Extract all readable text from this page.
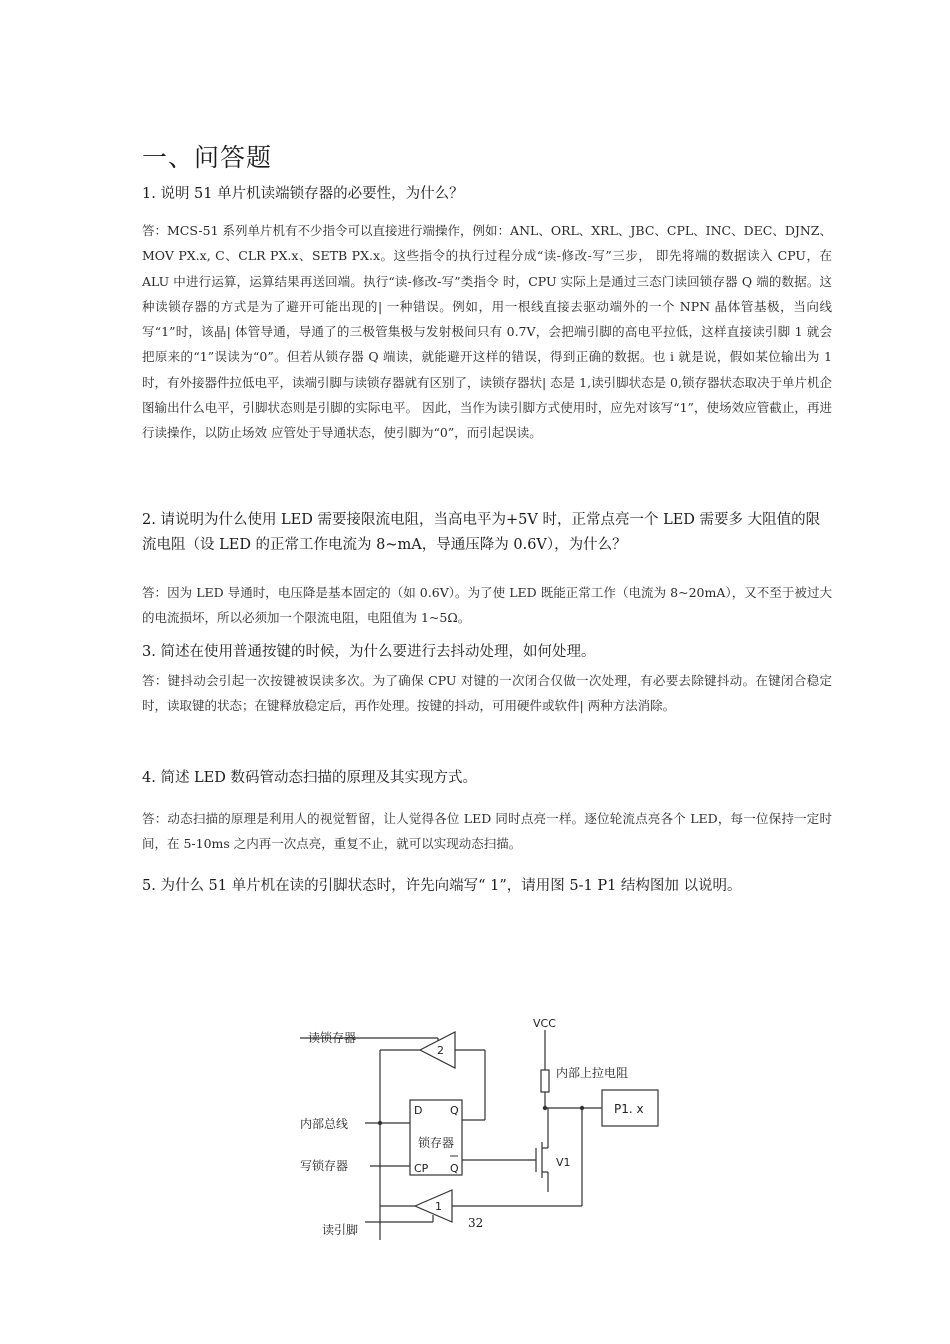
一、问答题

1. 说明 51 单片机读端锁存器的必要性，为什么？

答：MCS-51 系列单片机有不少指令可以直接进行端操作，例如：ANL、ORL、XRL、JBC、CPL、INC、DEC、DJNZ、MOV PX.x, C、CLR PX.x、SETB PX.x。这些指令的执行过程分成“读-修改-写”三步， 即先将端的数据读入 CPU，在 ALU 中进行运算，运算结果再送回端。执行“读-修改-写”类指令 时，CPU 实际上是通过三态门读回锁存器 Q 端的数据。这种读锁存器的方式是为了避开可能出现的| 一种错误。例如，用一根线直接去驱动端外的一个 NPN 晶体管基极，当向线写“1”时，该晶| 体管导通，导通了的三极管集极与发射极间只有 0.7V，会把端引脚的高电平拉低，这样直接读引脚 1 就会把原来的“1”误读为“0”。但若从锁存器 Q 端读，就能避开这样的错误，得到正确的数据。也 i 就是说，假如某位输出为 1 时，有外接器件拉低电平，读端引脚与读锁存器就有区别了，读锁存器状| 态是 1,读引脚状态是 0,锁存器状态取决于单片机企图输出什么电平，引脚状态则是引脚的实际电平。 因此，当作为读引脚方式使用时，应先对该写“1”，使场效应管截止，再进行读操作，以防止场效 应管处于导通状态，使引脚为“0”，而引起误读。

2. 请说明为什么使用 LED 需要接限流电阻，当高电平为+5V 时，正常点亮一个 LED 需要多 大阻值的限流电阻（设 LED 的正常工作电流为 8~mA，导通压降为 0.6V），为什么？

答：因为 LED 导通时，电压降是基本固定的（如 0.6V）。为了使 LED 既能正常工作（电流为 8~20mA），又不至于被过大的电流损坏，所以必须加一个限流电阻，电阻值为 1~5Ω。

3. 简述在使用普通按键的时候，为什么要进行去抖动处理，如何处理。

答：键抖动会引起一次按键被误读多次。为了确保 CPU 对键的一次闭合仅做一次处理，有必要去除键抖动。在键闭合稳定时，读取键的状态；在键释放稳定后，再作处理。按键的抖动，可用硬件或软件| 两种方法消除。

4. 简述 LED 数码管动态扫描的原理及其实现方式。

答：动态扫描的原理是利用人的视觉暂留，让人觉得各位 LED 同时点亮一样。逐位轮流点亮各个 LED，每一位保持一定时间，在 5-10ms 之内再一次点亮，重复不止，就可以实现动态扫描。

5. 为什么 51 单片机在读的引脚状态时，许先向端写“ 1”，请用图 5-1 P1 结构图加 以说明。

读锁存器
内部总线
写锁存器
读引脚
VCC
内部上拉电阻
P1. x
锁存器
D	Q
CP Q
2
1
V1
32
